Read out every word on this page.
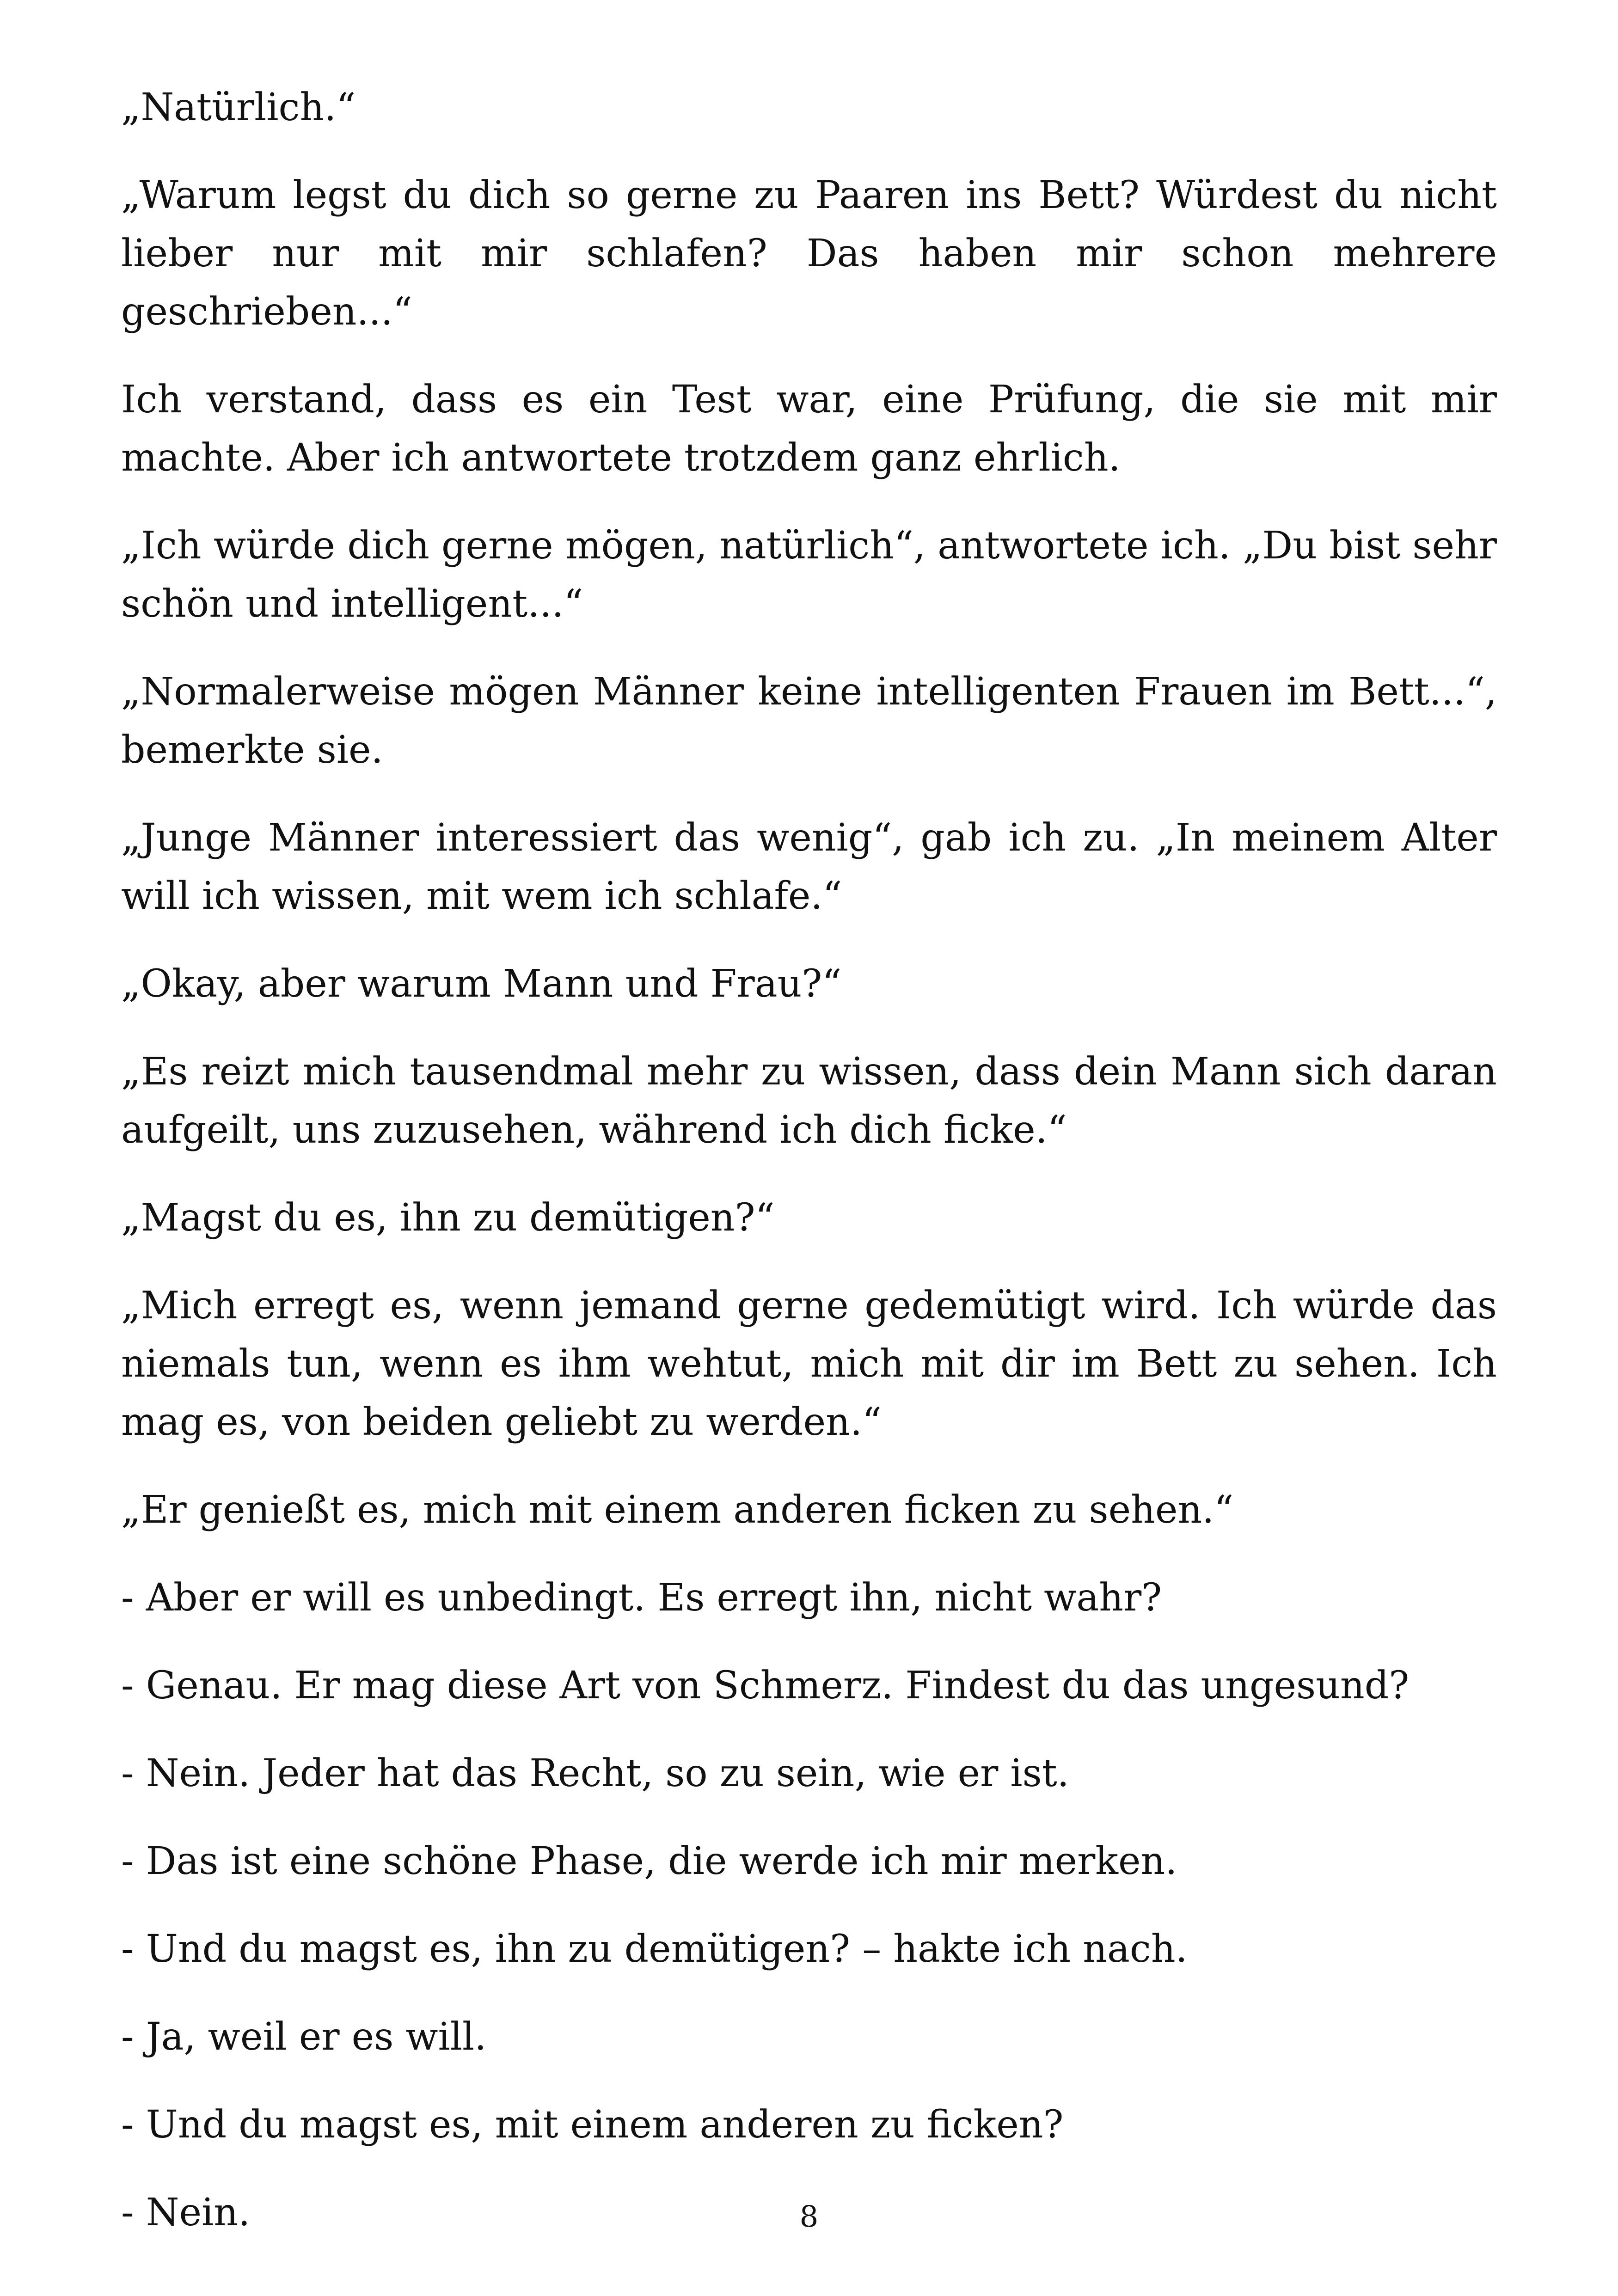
„Natürlich.“

„Warum legst du dich so gerne zu Paaren ins Bett? Würdest du nicht lieber nur mit mir schlafen? Das haben mir schon mehrere geschrieben...“

Ich verstand, dass es ein Test war, eine Prüfung, die sie mit mir machte. Aber ich antwortete trotzdem ganz ehrlich.

„Ich würde dich gerne mögen, natürlich“, antwortete ich. „Du bist sehr schön und intelligent...“

„Normalerweise mögen Männer keine intelligenten Frauen im Bett...“, bemerkte sie.

„Junge Männer interessiert das wenig“, gab ich zu. „In meinem Alter will ich wissen, mit wem ich schlafe.“

„Okay, aber warum Mann und Frau?“

„Es reizt mich tausendmal mehr zu wissen, dass dein Mann sich daran aufgeilt, uns zuzusehen, während ich dich ficke.“

„Magst du es, ihn zu demütigen?“

„Mich erregt es, wenn jemand gerne gedemütigt wird. Ich würde das niemals tun, wenn es ihm wehtut, mich mit dir im Bett zu sehen. Ich mag es, von beiden geliebt zu werden.“

„Er genießt es, mich mit einem anderen ficken zu sehen.“

- Aber er will es unbedingt. Es erregt ihn, nicht wahr?

- Genau. Er mag diese Art von Schmerz. Findest du das ungesund?

- Nein. Jeder hat das Recht, so zu sein, wie er ist.

- Das ist eine schöne Phase, die werde ich mir merken.

- Und du magst es, ihn zu demütigen? – hakte ich nach.

- Ja, weil er es will.

- Und du magst es, mit einem anderen zu ficken?

- Nein.	8
